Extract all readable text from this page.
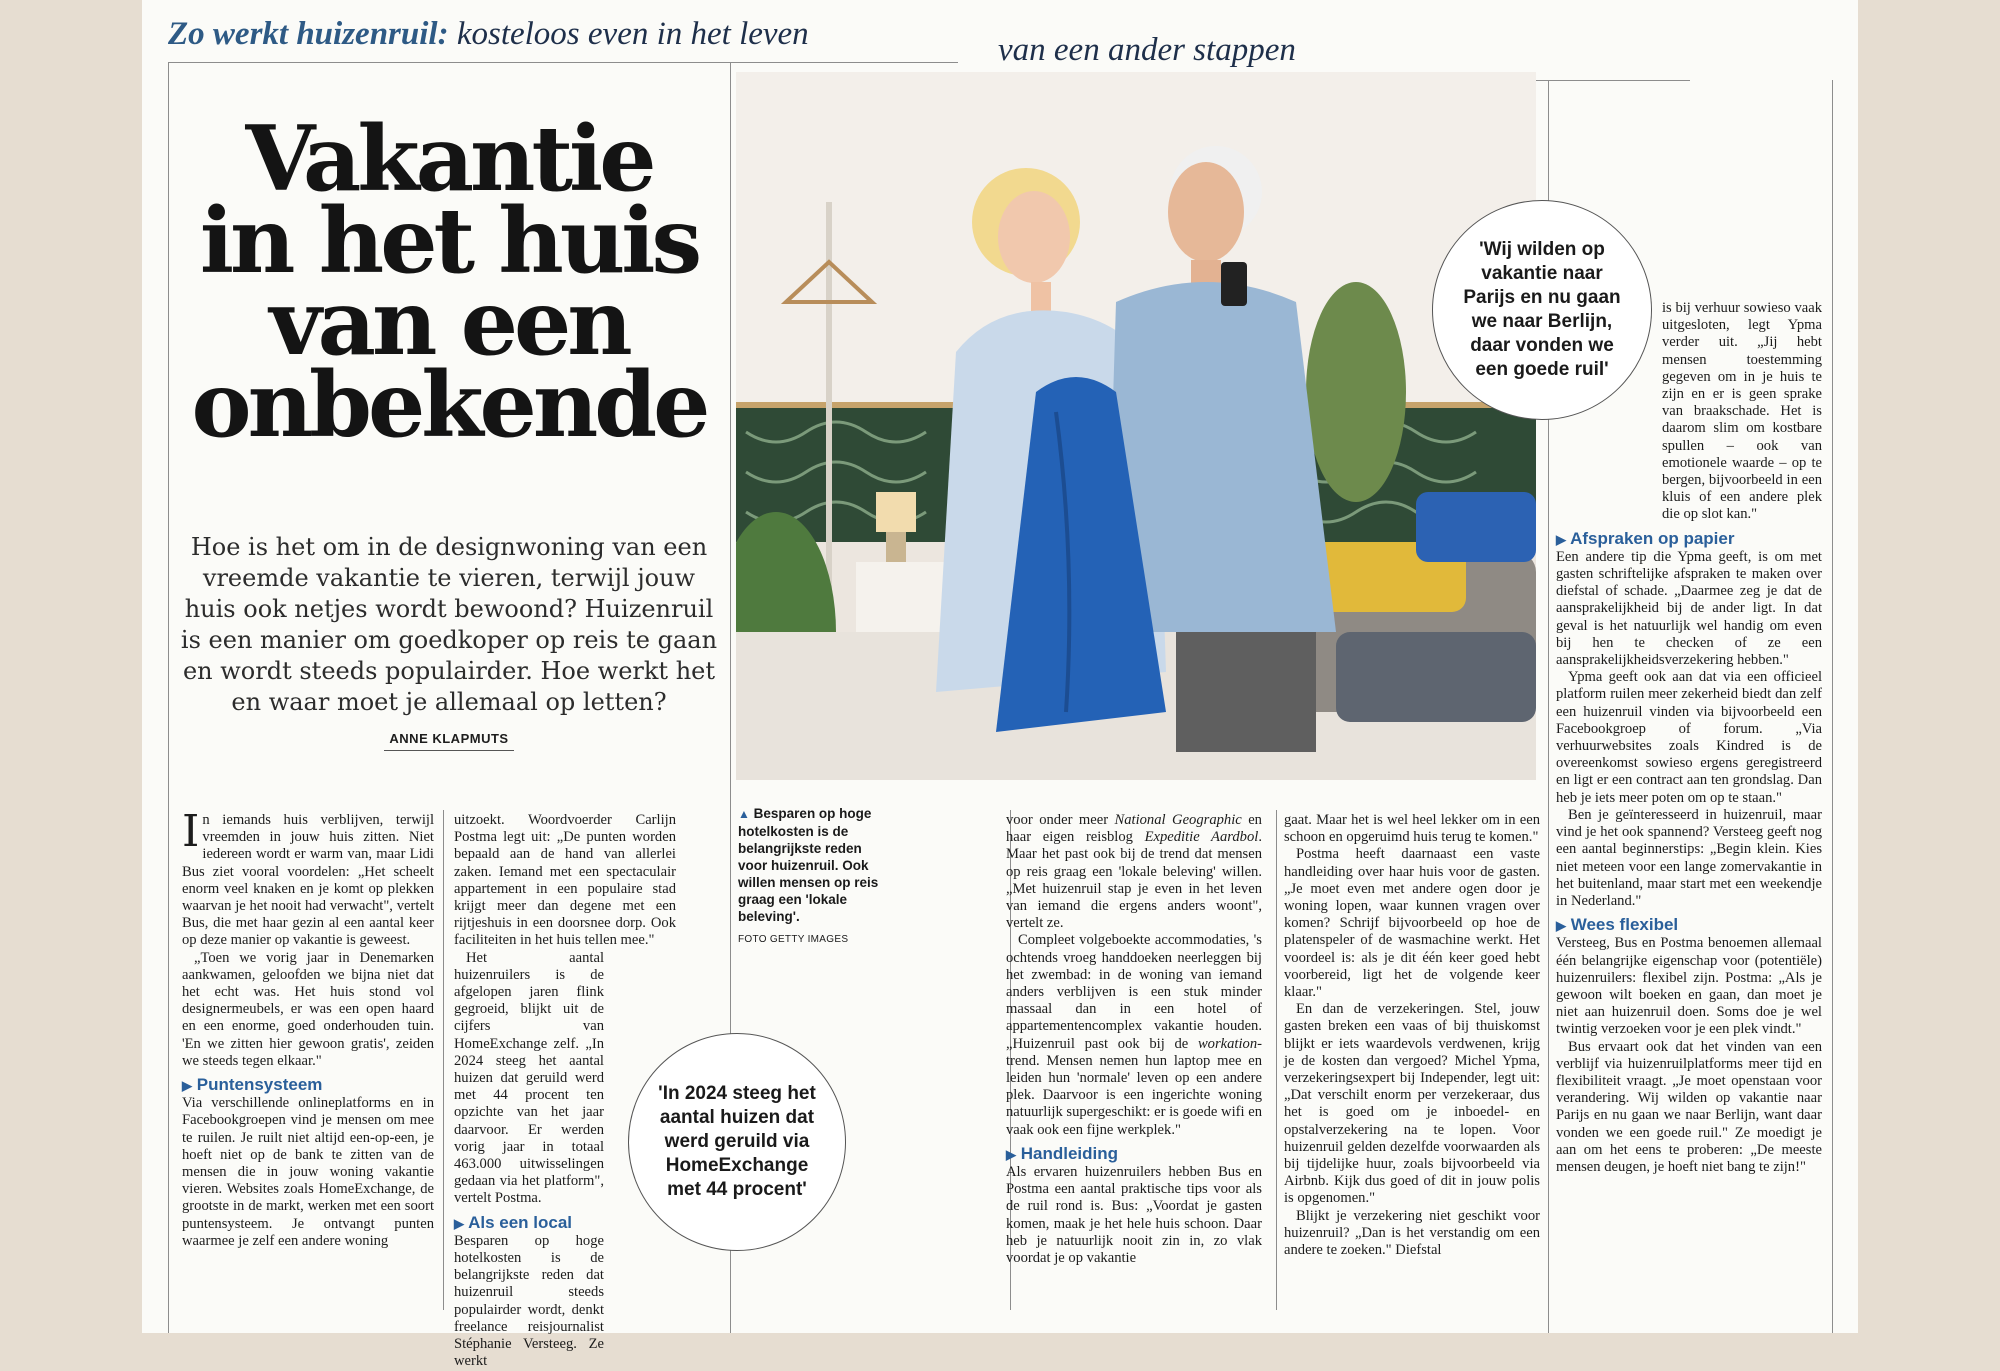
Zo werkt huizenruil: kosteloos even in het leven	van een ander stappen
Vakantie
in het huis
van een
onbekende

Hoe is het om in de designwoning van een vreemde vakantie te vieren, terwijl jouw huis ook netjes wordt bewoond? Huizenruil is een manier om goedkoper op reis te gaan en wordt steeds populairder. Hoe werkt het en waar moet je allemaal op letten?

ANNE KLAPMUTS
▲ Besparen op hoge hotelkosten is de belangrijkste reden voor huizenruil. Ook willen mensen op reis graag een 'lokale beleving'.
FOTO GETTY IMAGES
'Wij wilden op vakantie naar Parijs en nu gaan we naar Berlijn, daar vonden we een goede ruil'
'In 2024 steeg het aantal huizen dat werd geruild via HomeExchange met 44 procent'

In iemands huis verblijven, terwijl vreemden in jouw huis zitten. Niet iedereen wordt er warm van, maar Lidi Bus ziet vooral voordelen: „Het scheelt enorm veel knaken en je komt op plekken waarvan je het nooit had verwacht", vertelt Bus, die met haar gezin al een aantal keer op deze manier op vakantie is geweest.

„Toen we vorig jaar in Denemarken aankwamen, geloofden we bijna niet dat het echt was. Het huis stond vol designermeubels, er was een open haard en een enorme, goed onderhouden tuin. 'En we zitten hier gewoon gratis', zeiden we steeds tegen elkaar."

▶ Puntensysteem

Via verschillende onlineplatforms en in Facebookgroepen vind je mensen om mee te ruilen. Je ruilt niet altijd een-op-een, je hoeft niet op de bank te zitten van de mensen die in jouw woning vakantie vieren. Websites zoals HomeExchange, de grootste in de markt, werken met een soort puntensysteem. Je ontvangt punten waarmee je zelf een andere woning

uitzoekt. Woordvoerder Carlijn Postma legt uit: „De punten worden bepaald aan de hand van allerlei zaken. Iemand met een spectaculair appartement in een populaire stad krijgt meer dan degene met een rijtjeshuis in een doorsnee dorp. Ook faciliteiten in het huis tellen mee."

Het aantal huizenruilers is de afgelopen jaren flink gegroeid, blijkt uit de cijfers van HomeExchange zelf. „In 2024 steeg het aantal huizen dat geruild werd met 44 procent ten opzichte van het jaar daarvoor. Er werden vorig jaar in totaal 463.000 uitwisselingen gedaan via het platform", vertelt Postma.

▶ Als een local

Besparen op hoge hotelkosten is de belangrijkste reden dat huizenruil steeds populairder wordt, denkt freelance reisjournalist Stéphanie Versteeg. Ze werkt

voor onder meer National Geographic en haar eigen reisblog Expeditie Aardbol. Maar het past ook bij de trend dat mensen op reis graag een 'lokale beleving' willen. „Met huizenruil stap je even in het leven van iemand die ergens anders woont", vertelt ze.

Compleet volgeboekte accommodaties, 's ochtends vroeg handdoeken neerleggen bij het zwembad: in de woning van iemand anders verblijven is een stuk minder massaal dan in een hotel of appartementencomplex vakantie houden. „Huizenruil past ook bij de workation-trend. Mensen nemen hun laptop mee en leiden hun 'normale' leven op een andere plek. Daarvoor is een ingerichte woning natuurlijk supergeschikt: er is goede wifi en vaak ook een fijne werkplek."

▶ Handleiding

Als ervaren huizenruilers hebben Bus en Postma een aantal praktische tips voor als de ruil rond is. Bus: „Voordat je gasten komen, maak je het hele huis schoon. Daar heb je natuurlijk nooit zin in, zo vlak voordat je op vakantie

gaat. Maar het is wel heel lekker om in een schoon en opgeruimd huis terug te komen."

Postma heeft daarnaast een vaste handleiding over haar huis voor de gasten. „Je moet even met andere ogen door je woning lopen, waar kunnen vragen over komen? Schrijf bijvoorbeeld op hoe de platenspeler of de wasmachine werkt. Het voordeel is: als je dit één keer goed hebt voorbereid, ligt het de volgende keer klaar."

En dan de verzekeringen. Stel, jouw gasten breken een vaas of bij thuiskomst blijkt er iets waardevols verdwenen, krijg je de kosten dan vergoed? Michel Ypma, verzekeringsexpert bij Independer, legt uit: „Dat verschilt enorm per verzekeraar, dus het is goed om je inboedel- en opstalverzekering na te lopen. Voor huizenruil gelden dezelfde voorwaarden als bij tijdelijke huur, zoals bijvoorbeeld via Airbnb. Kijk dus goed of dit in jouw polis is opgenomen."

Blijkt je verzekering niet geschikt voor huizenruil? „Dan is het verstandig om een andere te zoeken." Diefstal

is bij verhuur sowieso vaak uitgesloten, legt Ypma verder uit. „Jij hebt mensen toestemming gegeven om in je huis te zijn en er is geen sprake van braakschade. Het is daarom slim om kostbare spullen – ook van emotionele waarde – op te bergen, bijvoorbeeld in een kluis of een andere plek die op slot kan."

▶ Afspraken op papier

Een andere tip die Ypma geeft, is om met gasten schriftelijke afspraken te maken over diefstal of schade. „Daarmee zeg je dat de aansprakelijkheid bij de ander ligt. In dat geval is het natuurlijk wel handig om even bij hen te checken of ze een aansprakelijkheidsverzekering hebben."

Ypma geeft ook aan dat via een officieel platform ruilen meer zekerheid biedt dan zelf een huizenruil vinden via bijvoorbeeld een Facebookgroep of forum. „Via verhuurwebsites zoals Kindred is de overeenkomst sowieso ergens geregistreerd en ligt er een contract aan ten grondslag. Dan heb je iets meer poten om op te staan."

Ben je geïnteresseerd in huizenruil, maar vind je het ook spannend? Versteeg geeft nog een aantal beginnerstips: „Begin klein. Kies niet meteen voor een lange zomervakantie in het buitenland, maar start met een weekendje in Nederland."

▶ Wees flexibel

Versteeg, Bus en Postma benoemen allemaal één belangrijke eigenschap voor (potentiële) huizenruilers: flexibel zijn. Postma: „Als je gewoon wilt boeken en gaan, dan moet je niet aan huizenruil doen. Soms doe je wel twintig verzoeken voor je een plek vindt."

Bus ervaart ook dat het vinden van een verblijf via huizenruilplatforms meer tijd en flexibiliteit vraagt. „Je moet openstaan voor verandering. Wij wilden op vakantie naar Parijs en nu gaan we naar Berlijn, want daar vonden we een goede ruil." Ze moedigt je aan om het eens te proberen: „De meeste mensen deugen, je hoeft niet bang te zijn!"
